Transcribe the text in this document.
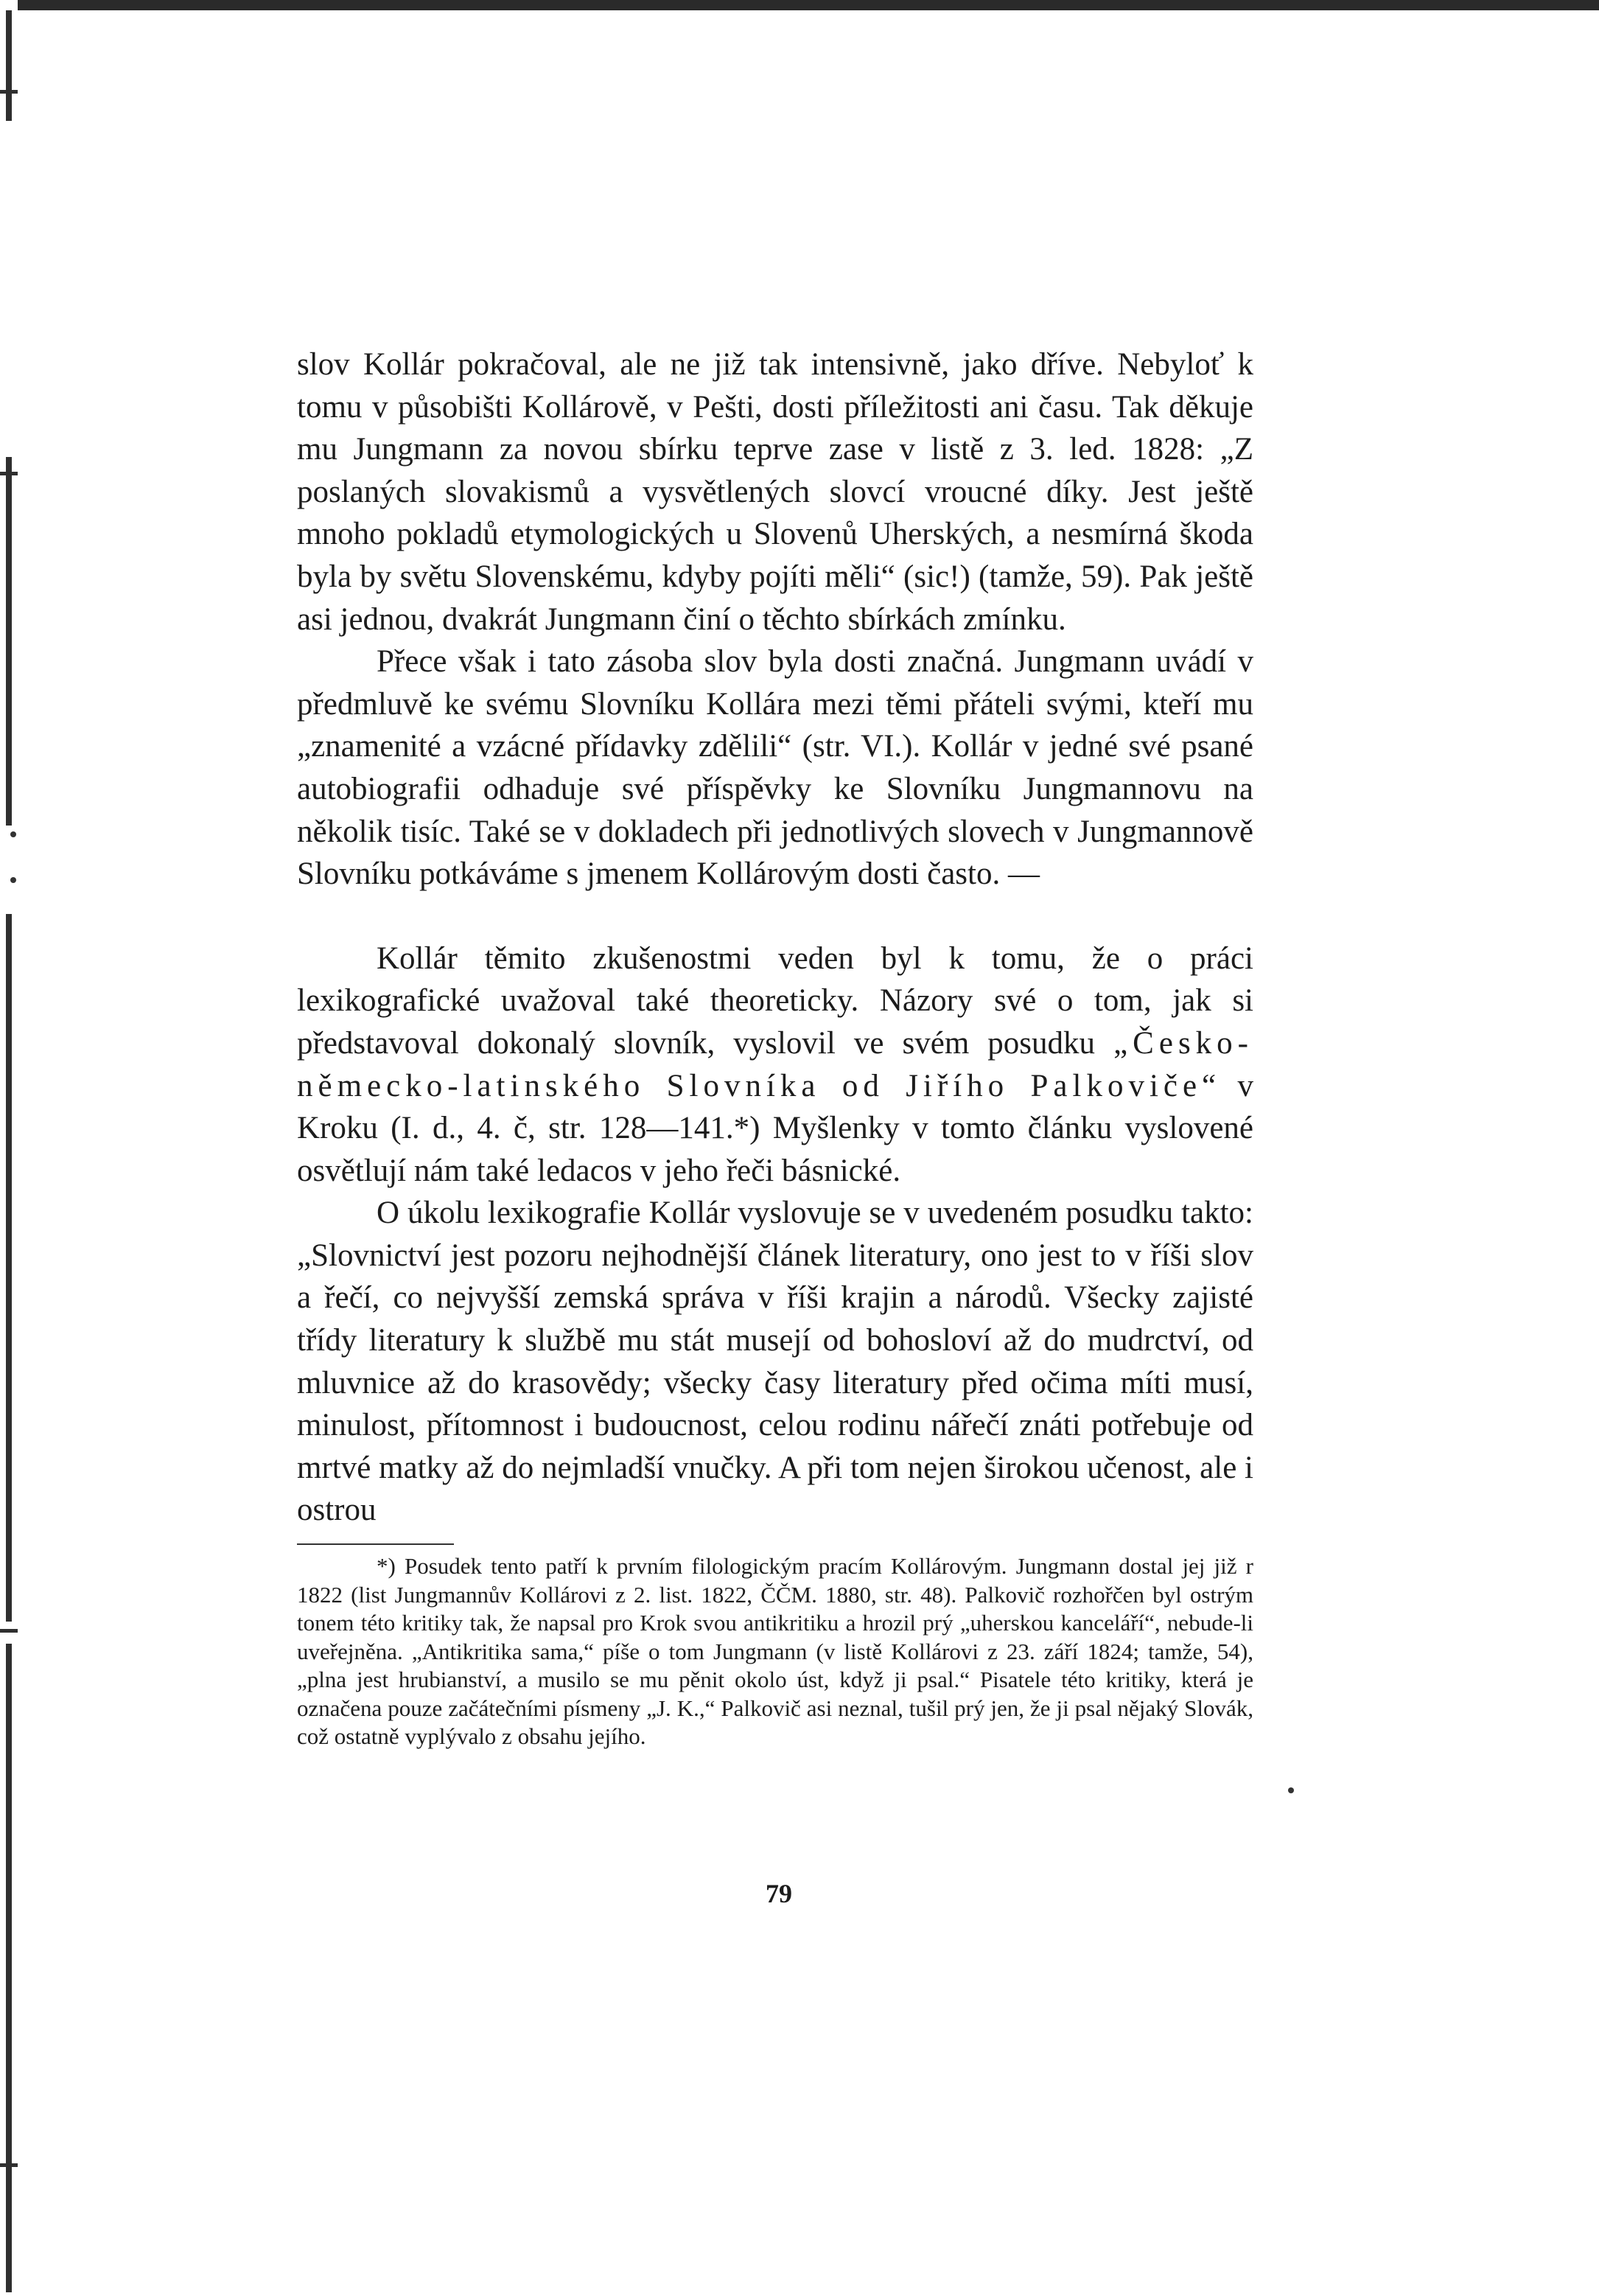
slov Kollár pokračoval, ale ne již tak intensivně, jako dříve. Nebyloť k tomu v působišti Kollárově, v Pešti, dosti příležitosti ani času. Tak děkuje mu Jungmann za novou sbírku teprve zase v listě z 3. led. 1828: „Z poslaných slovakismů a vysvětlených slovcí vroucné díky. Jest ještě mnoho pokladů etymologických u Slovenů Uherských, a nesmírná škoda byla by světu Slovenskému, kdyby pojíti měli“ (sic!) (tamže, 59). Pak ještě asi jednou, dvakrát Jungmann činí o těchto sbírkách zmínku.

Přece však i tato zásoba slov byla dosti značná. Jungmann uvádí v předmluvě ke svému Slovníku Kollára mezi těmi přáteli svými, kteří mu „znamenité a vzácné přídavky zdělili“ (str. VI.). Kollár v jedné své psané autobiografii odhaduje své příspěvky ke Slovníku Jungmannovu na několik tisíc. Také se v dokladech při jednotlivých slovech v Jungmannově Slovníku potkáváme s jmenem Kollárovým dosti často. —

Kollár těmito zkušenostmi veden byl k tomu, že o práci lexikografické uvažoval také theoreticky. Názory své o tom, jak si představoval dokonalý slovník, vyslovil ve svém posudku „Česko-německo-latinského Slovníka od Jiřího Palkoviče“ v Kroku (I. d., 4. č, str. 128—141.*) Myšlenky v tomto článku vyslovené osvětlují nám také ledacos v jeho řeči básnické.

O úkolu lexikografie Kollár vyslovuje se v uvedeném posudku takto: „Slovnictví jest pozoru nejhodnější článek literatury, ono jest to v říši slov a řečí, co nejvyšší zemská správa v říši krajin a národů. Všecky zajisté třídy literatury k službě mu stát musejí od bohosloví až do mudrctví, od mluvnice až do krasovědy; všecky časy literatury před očima míti musí, minulost, přítomnost i budoucnost, celou rodinu nářečí znáti potřebuje od mrtvé matky až do nejmladší vnučky. A při tom nejen širokou učenost, ale i ostrou

*) Posudek tento patří k prvním filologickým pracím Kollárovým. Jungmann dostal jej již r 1822 (list Jungmannův Kollárovi z 2. list. 1822, ČČM. 1880, str. 48). Palkovič rozhořčen byl ostrým tonem této kritiky tak, že napsal pro Krok svou antikritiku a hrozil prý „uherskou kanceláří“, nebude-li uveřejněna. „Antikritika sama,“ píše o tom Jungmann (v listě Kollárovi z 23. září 1824; tamže, 54), „plna jest hrubianství, a musilo se mu pěnit okolo úst, když ji psal.“ Pisatele této kritiky, která je označena pouze začátečními písmeny „J. K.,“ Palkovič asi neznal, tušil prý jen, že ji psal nějaký Slovák, což ostatně vyplývalo z obsahu jejího.

79
